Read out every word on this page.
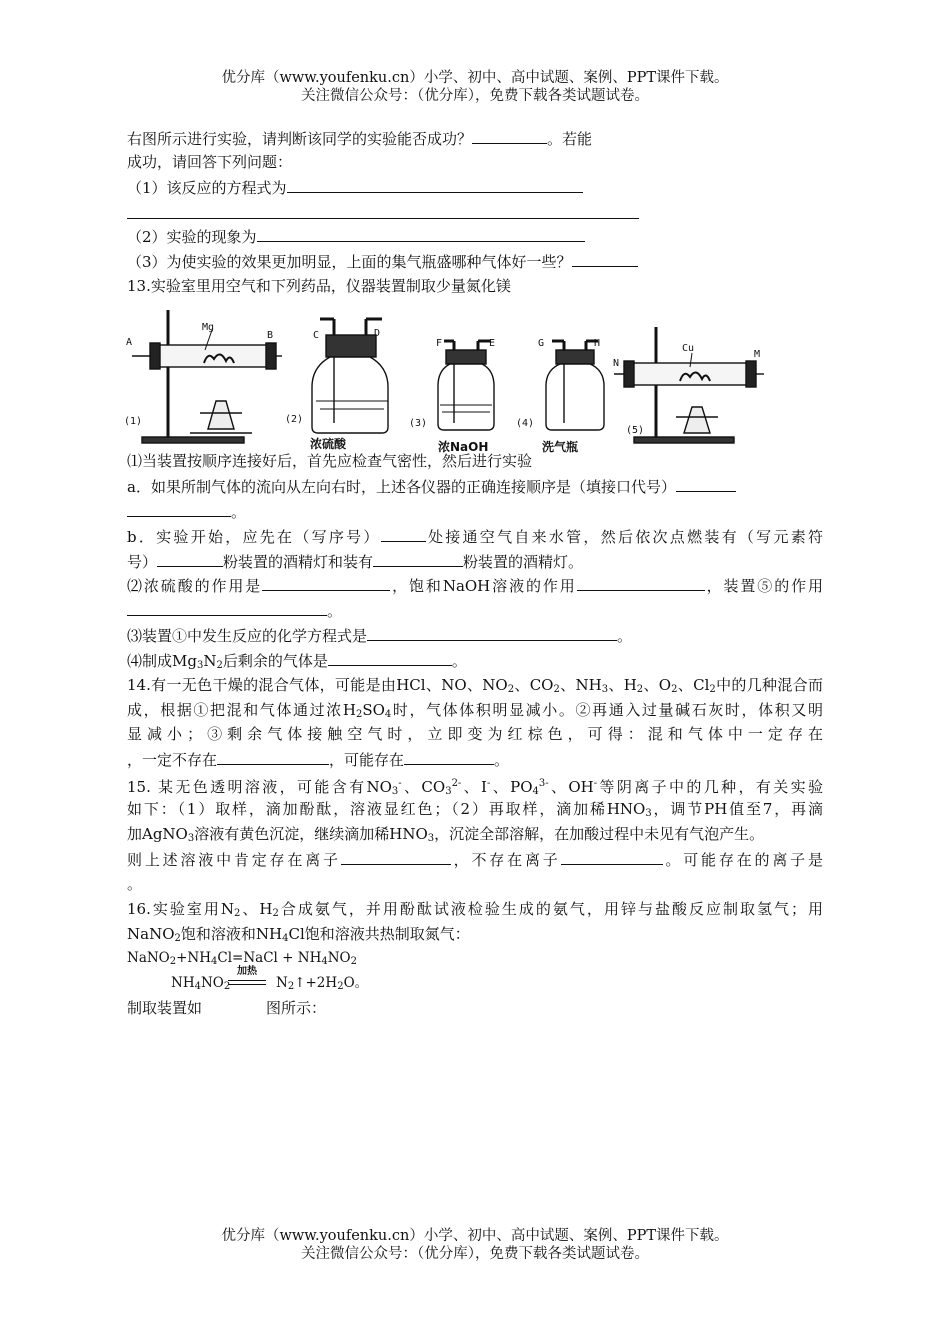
优分库（www.youfenku.cn）小学、初中、高中试题、案例、PPT课件下载。
关注微信公众号：（优分库），免费下载各类试题试卷。
右图所示进行实验，请判断该同学的实验能否成功？	。若能
成功，请回答下列问题：
（1）该反应的方程式为
（2）实验的现象为
（3）为使实验的效果更加明显，上面的集气瓶盛哪种气体好一些？
13.实验室里用空气和下列药品，仪器装置制取少量氮化镁
A
B
Mg
(1)
C	D
(2)
浓硫酸
F	E
(3)
浓NaOH
G	H
(4)
洗气瓶
N
M
Cu
(5)
⑴当装置按顺序连接好后，首先应检查气密性，然后进行实验
a．如果所制气体的流向从左向右时，上述各仪器的正确连接顺序是（填接口代号）
。
b．实验开始，应先在（写序号）	处接通空气自来水管，然后依次点燃装有（写元素符
号）	粉装置的酒精灯和装有	粉装置的酒精灯。
⑵浓硫酸的作用是	，饱和NaOH溶液的作用	，装置⑤的作用
。
⑶装置①中发生反应的化学方程式是	。
⑷制成$Mg_3N_2$后剩余的气体是	。
14.有一无色干燥的混合气体，可能是由HCl、NO、$NO_2$、$CO_2$、$NH_3$、$H_2$、$O_2$、$Cl_2$中的几种混合而
成，根据①把混和气体通过浓$H_2SO_4$时，气体体积明显减小。②再通入过量碱石灰时，体积又明
显减小；③剩余气体接触空气时，立即变为红棕色，可得：混和气体中一定存在
，一定不存在	，可能存在	。
15. 某无色透明溶液，可能含有$NO_3^-$、$CO_3^{2-}$、I-、$PO_4^{3-}$、OH-等阴离子中的几种，有关实验
如下：（1）取样，滴加酚酞，溶液显红色；（2）再取样，滴加稀$HNO_3$，调节PH值至7，再滴
加AgNO$_3$溶液有黄色沉淀，继续滴加稀$HNO_3$，沉淀全部溶解，在加酸过程中未见有气泡产生。
则上述溶液中肯定存在离子	，不存在离子	。可能存在的离子是
。
16.实验室用$N_2$、$H_2$合成氨气，并用酚酞试液检验生成的氨气，用锌与盐酸反应制取氢气；用
NaNO$_2$饱和溶液和$NH_4Cl$饱和溶液共热制取氮气：
$NaNO_2+NH_4Cl=NaCl + NH_4NO_2$
$NH_4NO_2$
加热
$N_2↑+2H_2O$。
制取装置如	图所示：
优分库（www.youfenku.cn）小学、初中、高中试题、案例、PPT课件下载。
关注微信公众号：（优分库），免费下载各类试题试卷。
